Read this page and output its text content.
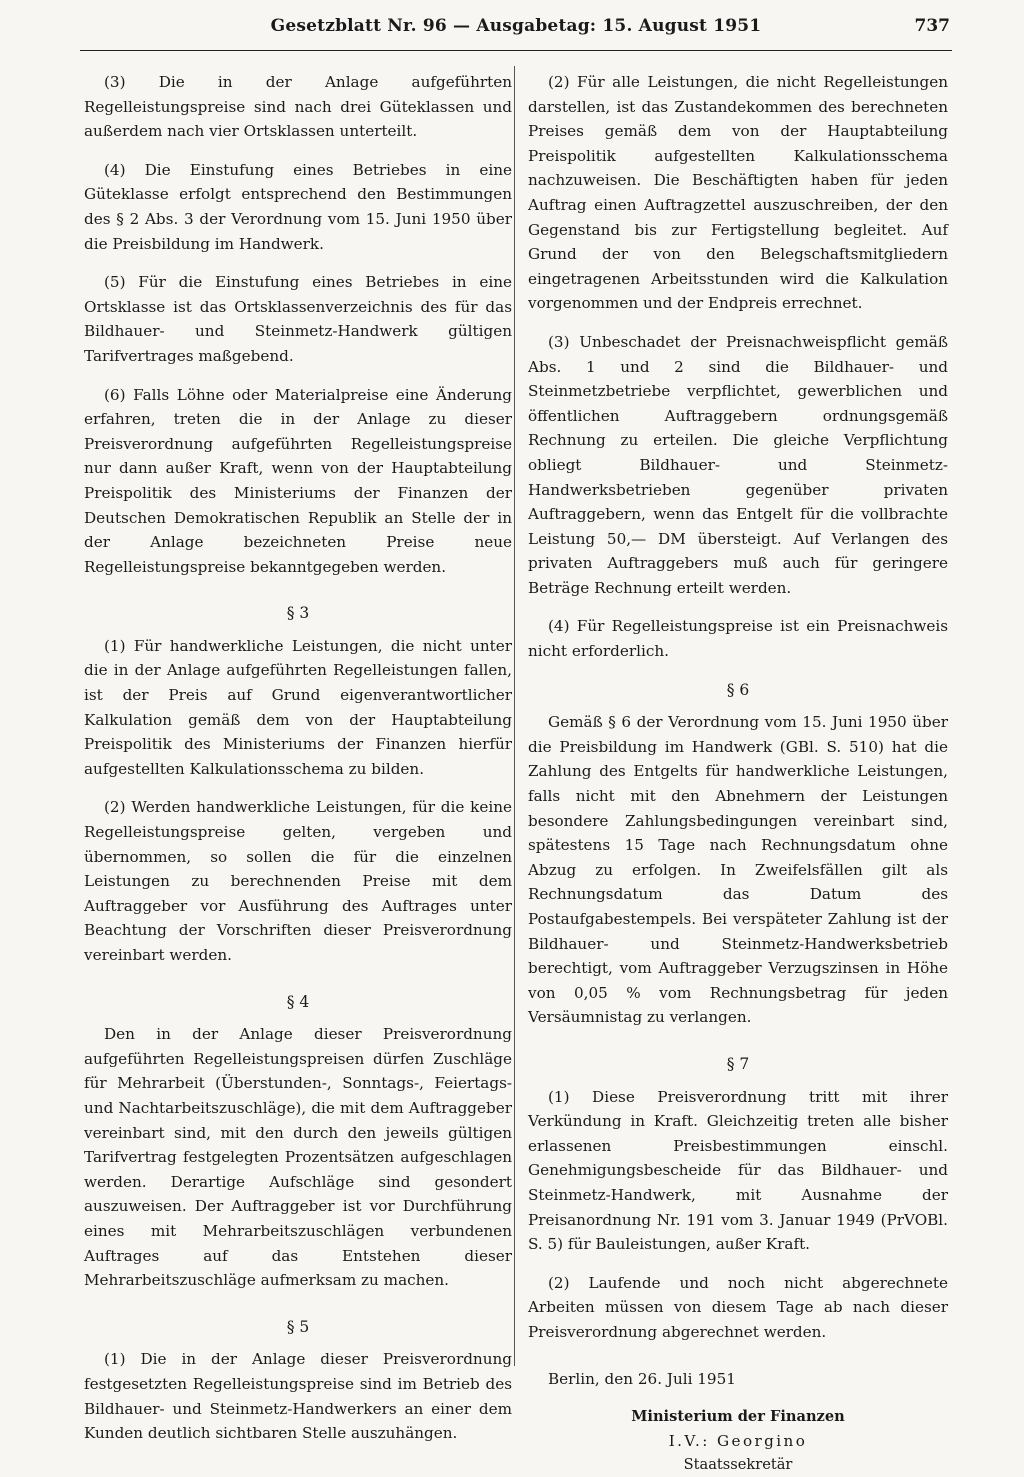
Gesetzblatt Nr. 96 — Ausgabetag: 15. August 1951	737

(3) Die in der Anlage aufgeführten Regelleistungspreise sind nach drei Güteklassen und außerdem nach vier Ortsklassen unterteilt.

(4) Die Einstufung eines Betriebes in eine Güteklasse erfolgt entsprechend den Bestimmungen des § 2 Abs. 3 der Verordnung vom 15. Juni 1950 über die Preisbildung im Handwerk.

(5) Für die Einstufung eines Betriebes in eine Ortsklasse ist das Ortsklassenverzeichnis des für das Bildhauer- und Steinmetz-Handwerk gültigen Tarifvertrages maßgebend.

(6) Falls Löhne oder Materialpreise eine Änderung erfahren, treten die in der Anlage zu dieser Preisverordnung aufgeführten Regelleistungspreise nur dann außer Kraft, wenn von der Hauptabteilung Preispolitik des Ministeriums der Finanzen der Deutschen Demokratischen Republik an Stelle der in der Anlage bezeichneten Preise neue Regelleistungspreise bekanntgegeben werden.

§ 3

(1) Für handwerkliche Leistungen, die nicht unter die in der Anlage aufgeführten Regelleistungen fallen, ist der Preis auf Grund eigenverantwortlicher Kalkulation gemäß dem von der Hauptabteilung Preispolitik des Ministeriums der Finanzen hierfür aufgestellten Kalkulationsschema zu bilden.

(2) Werden handwerkliche Leistungen, für die keine Regelleistungspreise gelten, vergeben und übernommen, so sollen die für die einzelnen Leistungen zu berechnenden Preise mit dem Auftraggeber vor Ausführung des Auftrages unter Beachtung der Vorschriften dieser Preisverordnung vereinbart werden.

§ 4

Den in der Anlage dieser Preisverordnung aufgeführten Regelleistungspreisen dürfen Zuschläge für Mehrarbeit (Überstunden-, Sonntags-, Feiertags- und Nachtarbeitszuschläge), die mit dem Auftraggeber vereinbart sind, mit den durch den jeweils gültigen Tarifvertrag festgelegten Prozentsätzen aufgeschlagen werden. Derartige Aufschläge sind gesondert auszuweisen. Der Auftraggeber ist vor Durchführung eines mit Mehrarbeitszuschlägen verbundenen Auftrages auf das Entstehen dieser Mehrarbeitszuschläge aufmerksam zu machen.

§ 5

(1) Die in der Anlage dieser Preisverordnung festgesetzten Regelleistungspreise sind im Betrieb des Bildhauer- und Steinmetz-Handwerkers an einer dem Kunden deutlich sichtbaren Stelle auszuhängen.

(2) Für alle Leistungen, die nicht Regelleistungen darstellen, ist das Zustandekommen des berechneten Preises gemäß dem von der Hauptabteilung Preispolitik aufgestellten Kalkulationsschema nachzuweisen. Die Beschäftigten haben für jeden Auftrag einen Auftragzettel auszuschreiben, der den Gegenstand bis zur Fertigstellung begleitet. Auf Grund der von den Belegschaftsmitgliedern eingetragenen Arbeitsstunden wird die Kalkulation vorgenommen und der Endpreis errechnet.

(3) Unbeschadet der Preisnachweispflicht gemäß Abs. 1 und 2 sind die Bildhauer- und Steinmetzbetriebe verpflichtet, gewerblichen und öffentlichen Auftraggebern ordnungsgemäß Rechnung zu erteilen. Die gleiche Verpflichtung obliegt Bildhauer- und Steinmetz-Handwerksbetrieben gegenüber privaten Auftraggebern, wenn das Entgelt für die vollbrachte Leistung 50,— DM übersteigt. Auf Verlangen des privaten Auftraggebers muß auch für geringere Beträge Rechnung erteilt werden.

(4) Für Regelleistungspreise ist ein Preisnachweis nicht erforderlich.

§ 6

Gemäß § 6 der Verordnung vom 15. Juni 1950 über die Preisbildung im Handwerk (GBl. S. 510) hat die Zahlung des Entgelts für handwerkliche Leistungen, falls nicht mit den Abnehmern der Leistungen besondere Zahlungsbedingungen vereinbart sind, spätestens 15 Tage nach Rechnungsdatum ohne Abzug zu erfolgen. In Zweifelsfällen gilt als Rechnungsdatum das Datum des Postaufgabestempels. Bei verspäteter Zahlung ist der Bildhauer- und Steinmetz-Handwerksbetrieb berechtigt, vom Auftraggeber Verzugszinsen in Höhe von 0,05 % vom Rechnungsbetrag für jeden Versäumnistag zu verlangen.

§ 7

(1) Diese Preisverordnung tritt mit ihrer Verkündung in Kraft. Gleichzeitig treten alle bisher erlassenen Preisbestimmungen einschl. Genehmigungsbescheide für das Bildhauer- und Steinmetz-Handwerk, mit Ausnahme der Preisanordnung Nr. 191 vom 3. Januar 1949 (PrVOBl. S. 5) für Bauleistungen, außer Kraft.

(2) Laufende und noch nicht abgerechnete Arbeiten müssen von diesem Tage ab nach dieser Preisverordnung abgerechnet werden.

Berlin, den 26. Juli 1951
Ministerium der Finanzen
I.V.: Georgino
Staatssekretär
